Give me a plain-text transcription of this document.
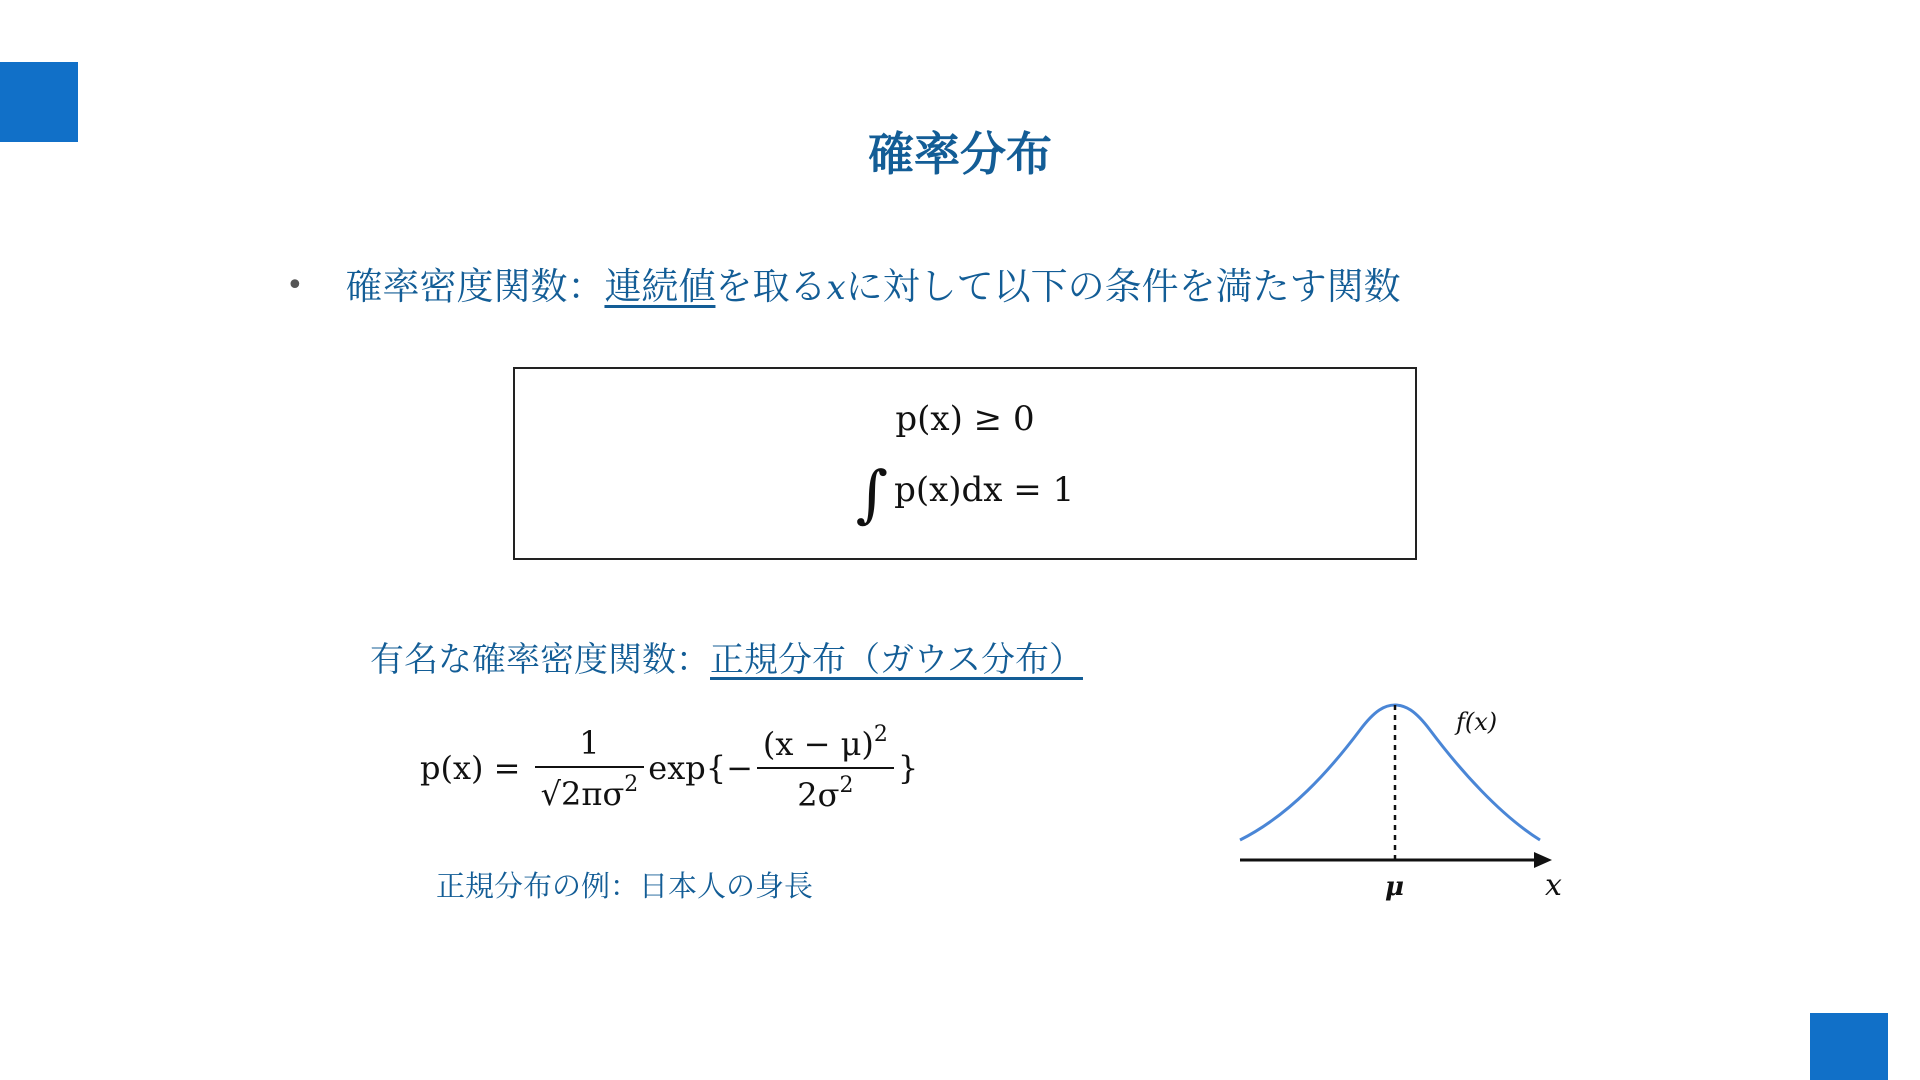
確率分布
• 確率密度関数：連続値を取るxに対して以下の条件を満たす関数
p(x) ≥ 0
∫ p(x)dx = 1
有名な確率密度関数：正規分布（ガウス分布）
$p(x) = \frac{1}{√2\pi\sigma^2} \exp\{- \frac{(x - \mu)^2}{2\sigma^2}$ }
正規分布の例：日本人の身長
f(x)
μ	x
